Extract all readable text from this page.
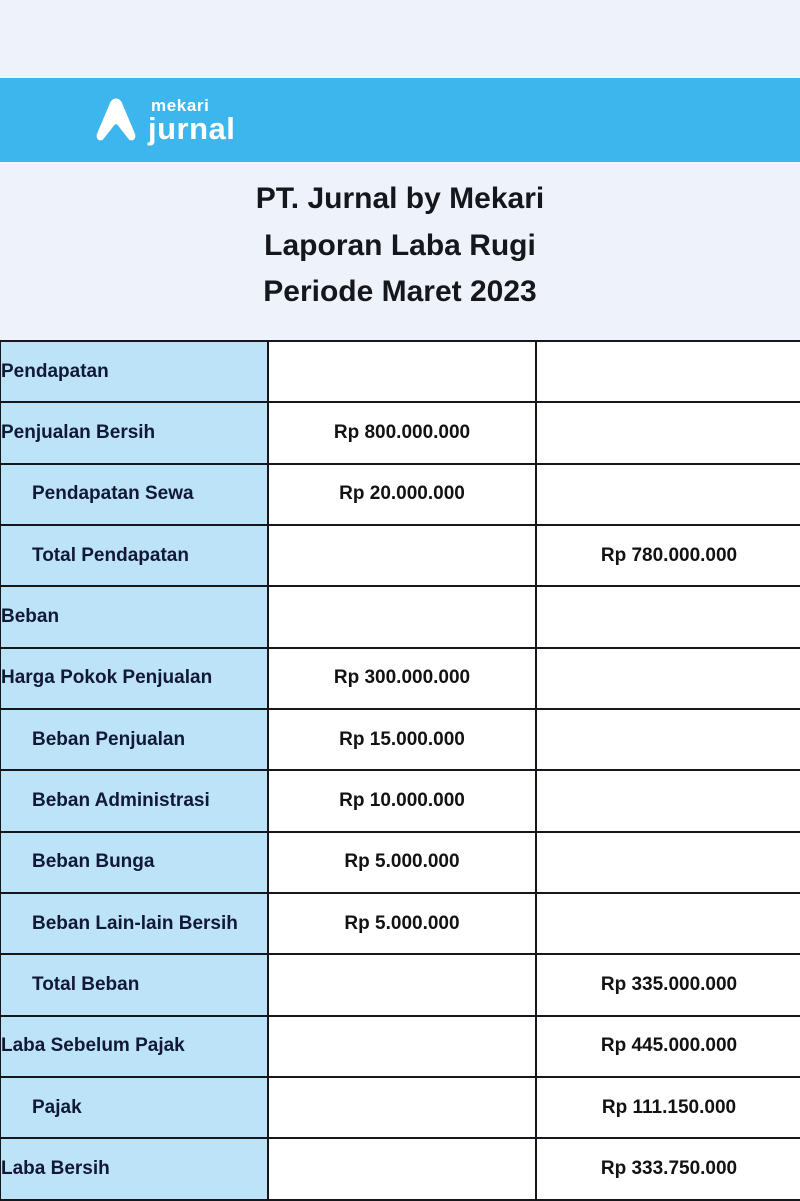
mekari
jurnal
PT. Jurnal by Mekari
Laporan Laba Rugi
Periode Maret 2023
Pendapatan		
Penjualan Bersih	Rp 800.000.000	
Pendapatan Sewa	Rp 20.000.000	
Total Pendapatan		Rp 780.000.000
Beban		
Harga Pokok Penjualan	Rp 300.000.000	
Beban Penjualan	Rp 15.000.000	
Beban Administrasi	Rp 10.000.000	
Beban Bunga	Rp 5.000.000	
Beban Lain-lain Bersih	Rp 5.000.000	
Total Beban		Rp 335.000.000
Laba Sebelum Pajak		Rp 445.000.000
Pajak		Rp 111.150.000
Laba Bersih		Rp 333.750.000
